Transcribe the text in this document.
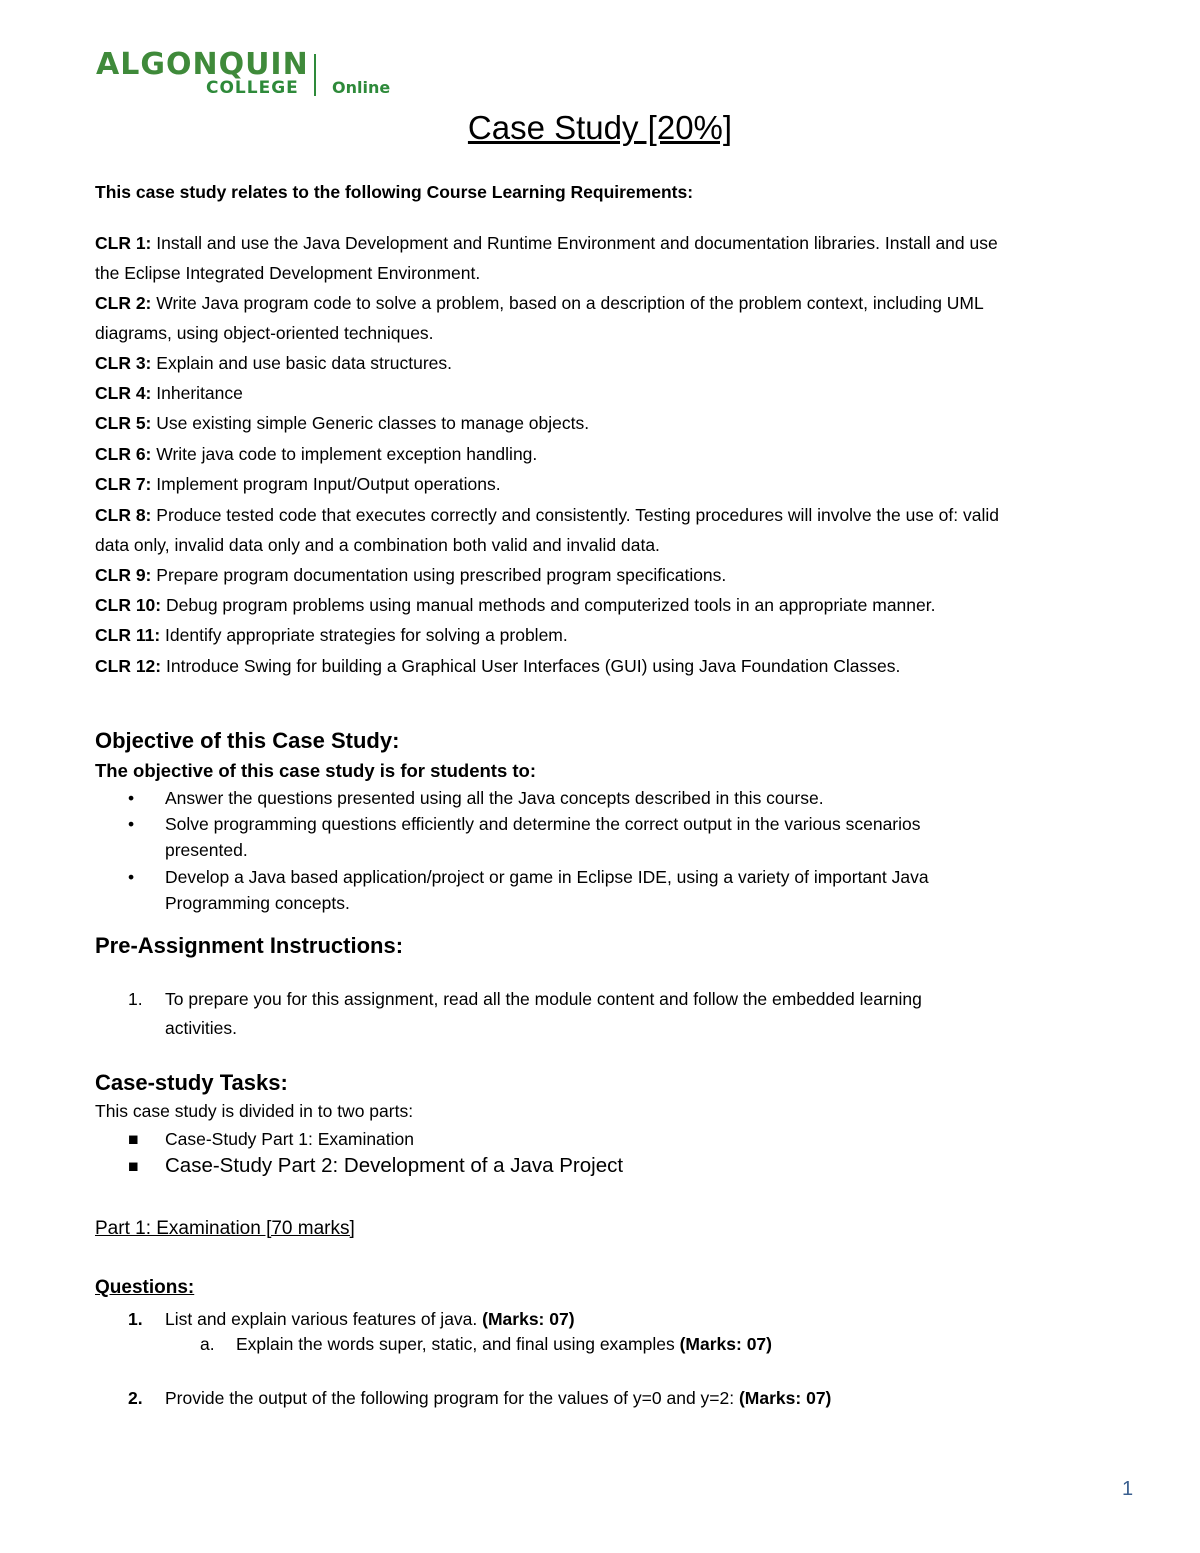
ALGONQUIN
COLLEGE Online
Case Study [20%]
This case study relates to the following Course Learning Requirements:
CLR 1: Install and use the Java Development and Runtime Environment and documentation libraries. Install and use
the Eclipse Integrated Development Environment.
CLR 2: Write Java program code to solve a problem, based on a description of the problem context, including UML
diagrams, using object-oriented techniques.
CLR 3: Explain and use basic data structures.
CLR 4: Inheritance
CLR 5: Use existing simple Generic classes to manage objects.
CLR 6: Write java code to implement exception handling.
CLR 7: Implement program Input/Output operations.
CLR 8: Produce tested code that executes correctly and consistently. Testing procedures will involve the use of: valid
data only, invalid data only and a combination both valid and invalid data.
CLR 9: Prepare program documentation using prescribed program specifications.
CLR 10: Debug program problems using manual methods and computerized tools in an appropriate manner.
CLR 11: Identify appropriate strategies for solving a problem.
CLR 12: Introduce Swing for building a Graphical User Interfaces (GUI) using Java Foundation Classes.
Objective of this Case Study:
The objective of this case study is for students to:
•	Answer the questions presented using all the Java concepts described in this course.
•	Solve programming questions efficiently and determine the correct output in the various scenarios
presented.
•	Develop a Java based application/project or game in Eclipse IDE, using a variety of important Java
Programming concepts.
Pre-Assignment Instructions:
1. To prepare you for this assignment, read all the module content and follow the embedded learning
activities.
Case-study Tasks:
This case study is divided in to two parts:
■	Case-Study Part 1: Examination
■	Case-Study Part 2: Development of a Java Project
Part 1: Examination [70 marks]
Questions:
1. List and explain various features of java. (Marks: 07)
a. Explain the words super, static, and final using examples (Marks: 07)
2. Provide the output of the following program for the values of y=0 and y=2: (Marks: 07)
1
